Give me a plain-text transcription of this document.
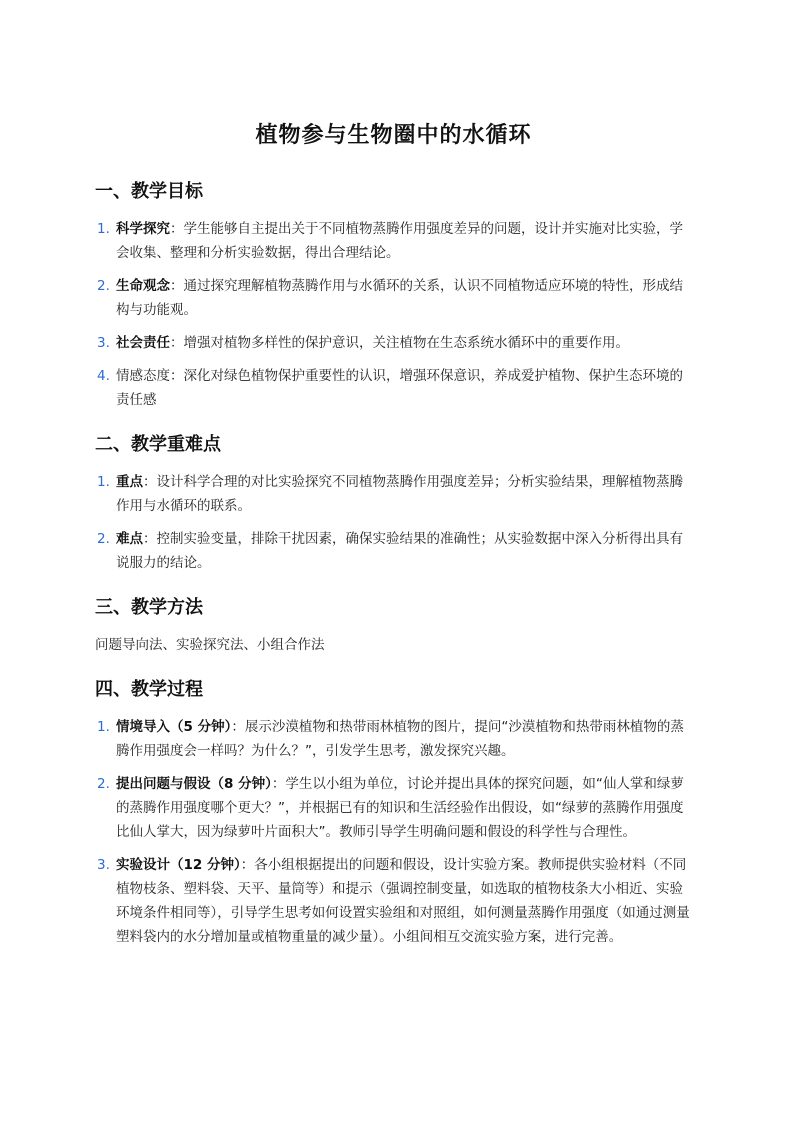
植物参与生物圈中的水循环
一、教学目标
1. 科学探究：学生能够自主提出关于不同植物蒸腾作用强度差异的问题，设计并实施对比实验，学会收集、整理和分析实验数据，得出合理结论。
2. 生命观念：通过探究理解植物蒸腾作用与水循环的关系，认识不同植物适应环境的特性，形成结构与功能观。
3. 社会责任：增强对植物多样性的保护意识，关注植物在生态系统水循环中的重要作用。
4. 情感态度：深化对绿色植物保护重要性的认识，增强环保意识，养成爱护植物、保护生态环境的责任感
二、教学重难点
1. 重点：设计科学合理的对比实验探究不同植物蒸腾作用强度差异；分析实验结果，理解植物蒸腾作用与水循环的联系。
2. 难点：控制实验变量，排除干扰因素，确保实验结果的准确性；从实验数据中深入分析得出具有说服力的结论。
三、教学方法

问题导向法、实验探究法、小组合作法

四、教学过程
1. 情境导入（5 分钟）：展示沙漠植物和热带雨林植物的图片，提问“沙漠植物和热带雨林植物的蒸腾作用强度会一样吗？为什么？”，引发学生思考，激发探究兴趣。
2. 提出问题与假设（8 分钟）：学生以小组为单位，讨论并提出具体的探究问题，如“仙人掌和绿萝的蒸腾作用强度哪个更大？”，并根据已有的知识和生活经验作出假设，如“绿萝的蒸腾作用强度比仙人掌大，因为绿萝叶片面积大”。教师引导学生明确问题和假设的科学性与合理性。
3. 实验设计（12 分钟）：各小组根据提出的问题和假设，设计实验方案。教师提供实验材料（不同植物枝条、塑料袋、天平、量筒等）和提示（强调控制变量，如选取的植物枝条大小相近、实验环境条件相同等），引导学生思考如何设置实验组和对照组，如何测量蒸腾作用强度（如通过测量塑料袋内的水分增加量或植物重量的减少量）。小组间相互交流实验方案，进行完善。
